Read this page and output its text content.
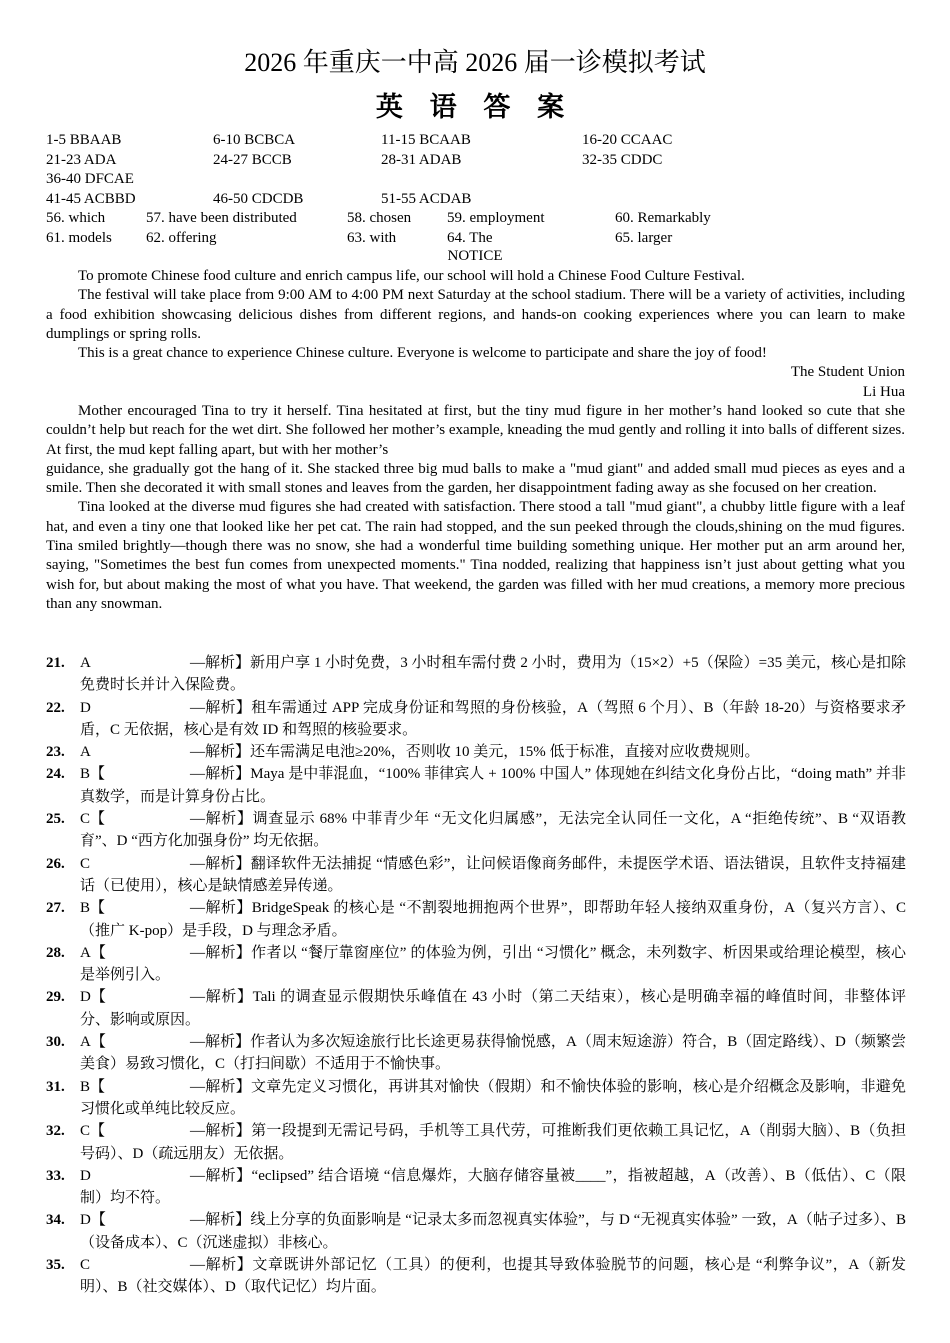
2026 年重庆一中高 2026 届一诊模拟考试
英 语 答 案
1-5 BBAAB	6-10 BCBCA	11-15 BCAAB	16-20 CCAAC
21-23 ADA	24-27 BCCB	28-31 ADAB	32-35 CDDC
36-40 DFCAE
41-45 ACBBD	46-50 CDCDB	51-55 ACDAB
56. which	57. have been distributed	58. chosen 59. employment	60. Remarkably
61. models 62. offering	63. with	64. The	65. larger
NOTICE

To promote Chinese food culture and enrich campus life, our school will hold a Chinese Food Culture Festival.

The festival will take place from 9:00 AM to 4:00 PM next Saturday at the school stadium. There will be a variety of activities, including a food exhibition showcasing delicious dishes from different regions, and hands-on cooking experiences where you can learn to make dumplings or spring rolls.

This is a great chance to experience Chinese culture. Everyone is welcome to participate and share the joy of food!

The Student Union

Li Hua

Mother encouraged Tina to try it herself. Tina hesitated at first, but the tiny mud figure in her mother’s hand looked so cute that she couldn’t help but reach for the wet dirt. She followed her mother’s example, kneading the mud gently and rolling it into balls of different sizes. At first, the mud kept falling apart, but with her mother’s

guidance, she gradually got the hang of it. She stacked three big mud balls to make a "mud giant" and added small mud pieces as eyes and a smile. Then she decorated it with small stones and leaves from the garden, her disappointment fading away as she focused on her creation.

Tina looked at the diverse mud figures she had created with satisfaction. There stood a tall "mud giant", a chubby little figure with a leaf hat, and even a tiny one that looked like her pet cat. The rain had stopped, and the sun peeked through the clouds,shining on the mud figures. Tina smiled brightly—though there was no snow, she had a wonderful time building something unique. Her mother put an arm around her, saying, "Sometimes the best fun comes from unexpected moments." Tina nodded, realizing that happiness isn’t just about getting what you wish for, but about making the most of what you have. That weekend, the garden was filled with her mud creations, a memory more precious than any snowman.

21. A	—解析】新用户享 1 小时免费，3 小时租车需付费 2 小时，费用为（15×2）+5（保险）=35 美元，核心是扣除免费时长并计入保险费。
22. D	—解析】租车需通过 APP 完成身份证和驾照的身份核验，A（驾照 6 个月）、B（年龄 18-20）与资格要求矛盾，C 无依据，核心是有效 ID 和驾照的核验要求。
23. A	—解析】还车需满足电池≥20%，否则收 10 美元，15% 低于标准，直接对应收费规则。
24. B【	—解析】Maya 是中菲混血，“100% 菲律宾人 + 100% 中国人” 体现她在纠结文化身份占比，“doing math” 并非真数学，而是计算身份占比。
25. C【	—解析】调查显示 68% 中菲青少年 “无文化归属感”，无法完全认同任一文化，A “拒绝传统”、B “双语教育”、D “西方化加强身份” 均无依据。
26. C	—解析】翻译软件无法捕捉 “情感色彩”，让问候语像商务邮件，未提医学术语、语法错误，且软件支持福建话（已使用），核心是缺情感差异传递。
27. B【	—解析】BridgeSpeak 的核心是 “不割裂地拥抱两个世界”，即帮助年轻人接纳双重身份，A（复兴方言）、C（推广 K-pop）是手段，D 与理念矛盾。
28. A【	—解析】作者以 “餐厅靠窗座位” 的体验为例，引出 “习惯化” 概念，未列数字、析因果或给理论模型，核心是举例引入。
29. D【	—解析】Tali 的调查显示假期快乐峰值在 43 小时（第二天结束），核心是明确幸福的峰值时间，非整体评分、影响或原因。
30. A【	—解析】作者认为多次短途旅行比长途更易获得愉悦感，A（周末短途游）符合，B（固定路线）、D（频繁尝美食）易致习惯化，C（打扫间歇）不适用于不愉快事。
31. B【	—解析】文章先定义习惯化，再讲其对愉快（假期）和不愉快体验的影响，核心是介绍概念及影响，非避免习惯化或单纯比较反应。
32. C【	—解析】第一段提到无需记号码，手机等工具代劳，可推断我们更依赖工具记忆，A（削弱大脑）、B（负担号码）、D（疏远朋友）无依据。
33. D	—解析】“eclipsed” 结合语境 “信息爆炸，大脑存储容量被____”，指被超越，A（改善）、B（低估）、C（限制）均不符。
34. D【	—解析】线上分享的负面影响是 “记录太多而忽视真实体验”，与 D “无视真实体验” 一致，A（帖子过多）、B（设备成本）、C（沉迷虚拟）非核心。
35. C	—解析】文章既讲外部记忆（工具）的便利，也提其导致体验脱节的问题，核心是 “利弊争议”，A（新发明）、B（社交媒体）、D（取代记忆）均片面。
